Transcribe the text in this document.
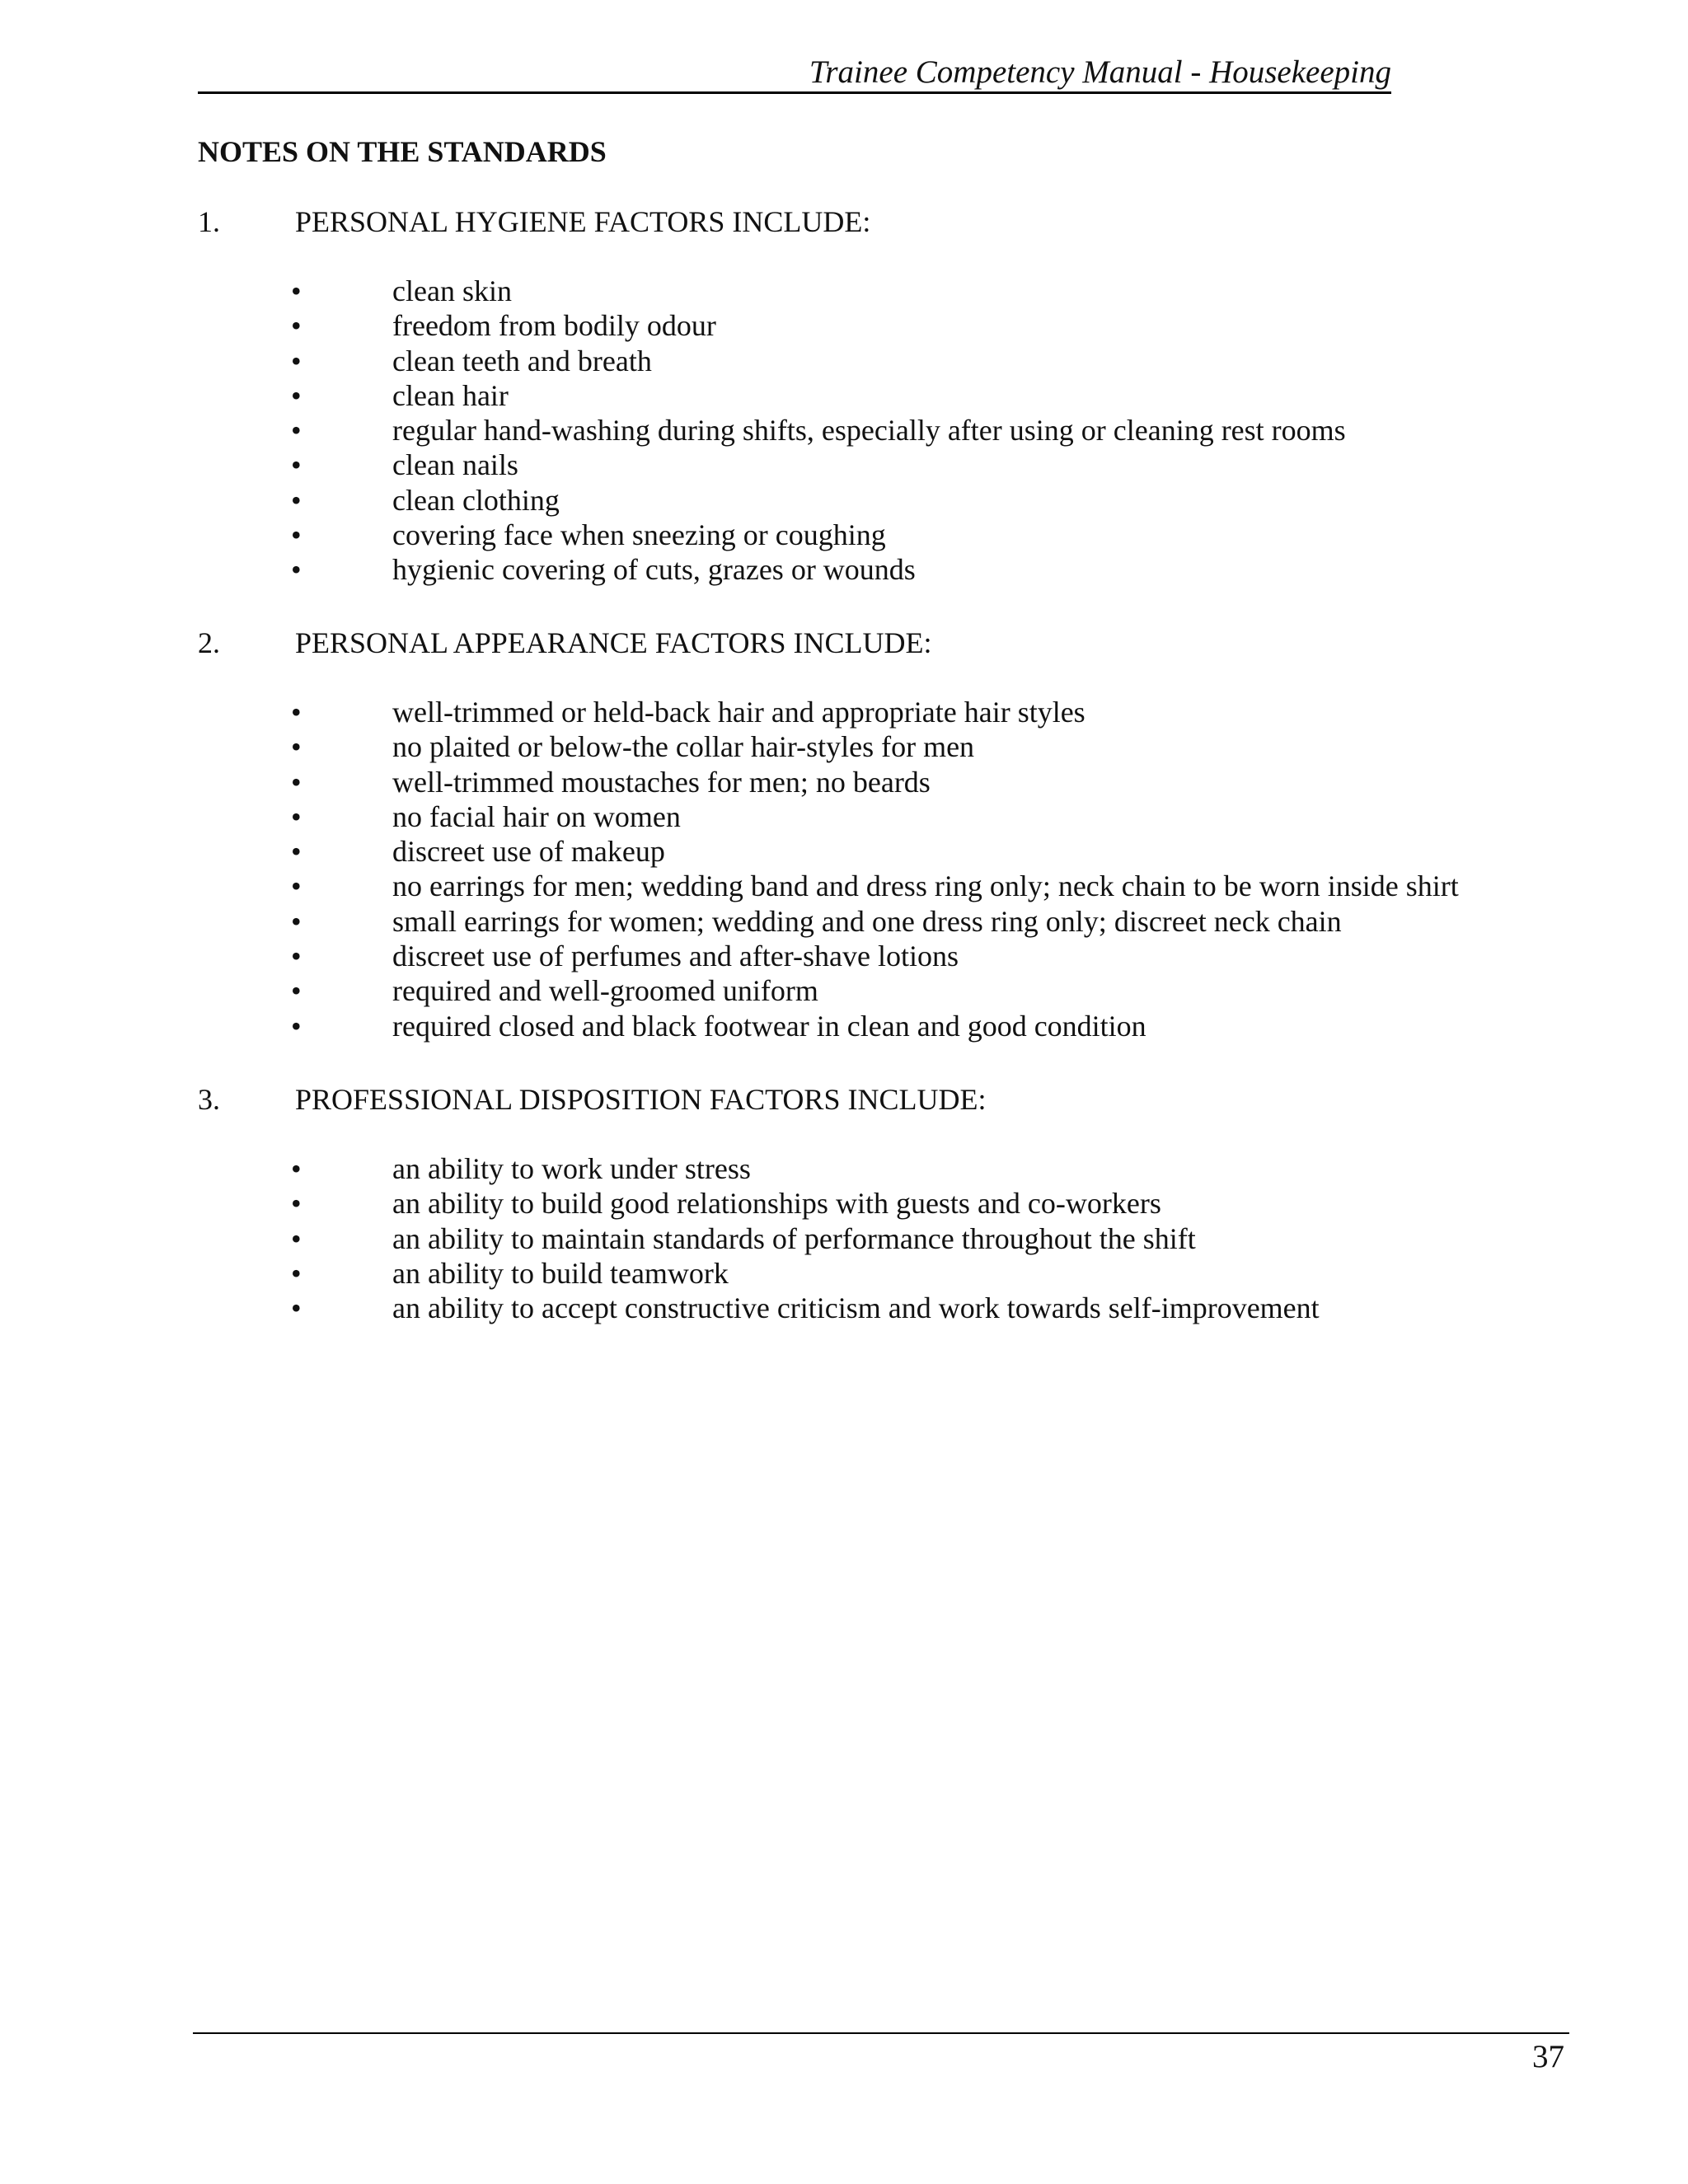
Trainee Competency Manual - Housekeeping
NOTES ON THE STANDARDS
1.	PERSONAL HYGIENE FACTORS INCLUDE:
•	clean skin
•	freedom from bodily odour
•	clean teeth and breath
•	clean hair
•	regular hand-washing during shifts, especially after using or cleaning rest rooms
•	clean nails
•	clean clothing
•	covering face when sneezing or coughing
•	hygienic covering of cuts, grazes or wounds
2.	PERSONAL APPEARANCE FACTORS INCLUDE:
•	well-trimmed or held-back hair and appropriate hair styles
•	no plaited or below-the collar hair-styles for men
•	well-trimmed moustaches for men; no beards
•	no facial hair on women
•	discreet use of makeup
•	no earrings for men; wedding band and dress ring only; neck chain to be worn inside shirt
•	small earrings for women; wedding and one dress ring only; discreet neck chain
•	discreet use of perfumes and after-shave lotions
•	required and well-groomed uniform
•	required closed and black footwear in clean and good condition
3.	PROFESSIONAL DISPOSITION FACTORS INCLUDE:
•	an ability to work under stress
•	an ability to build good relationships with guests and co-workers
•	an ability to maintain standards of performance throughout the shift
•	an ability to build teamwork
•	an ability to accept constructive criticism and work towards self-improvement
37
